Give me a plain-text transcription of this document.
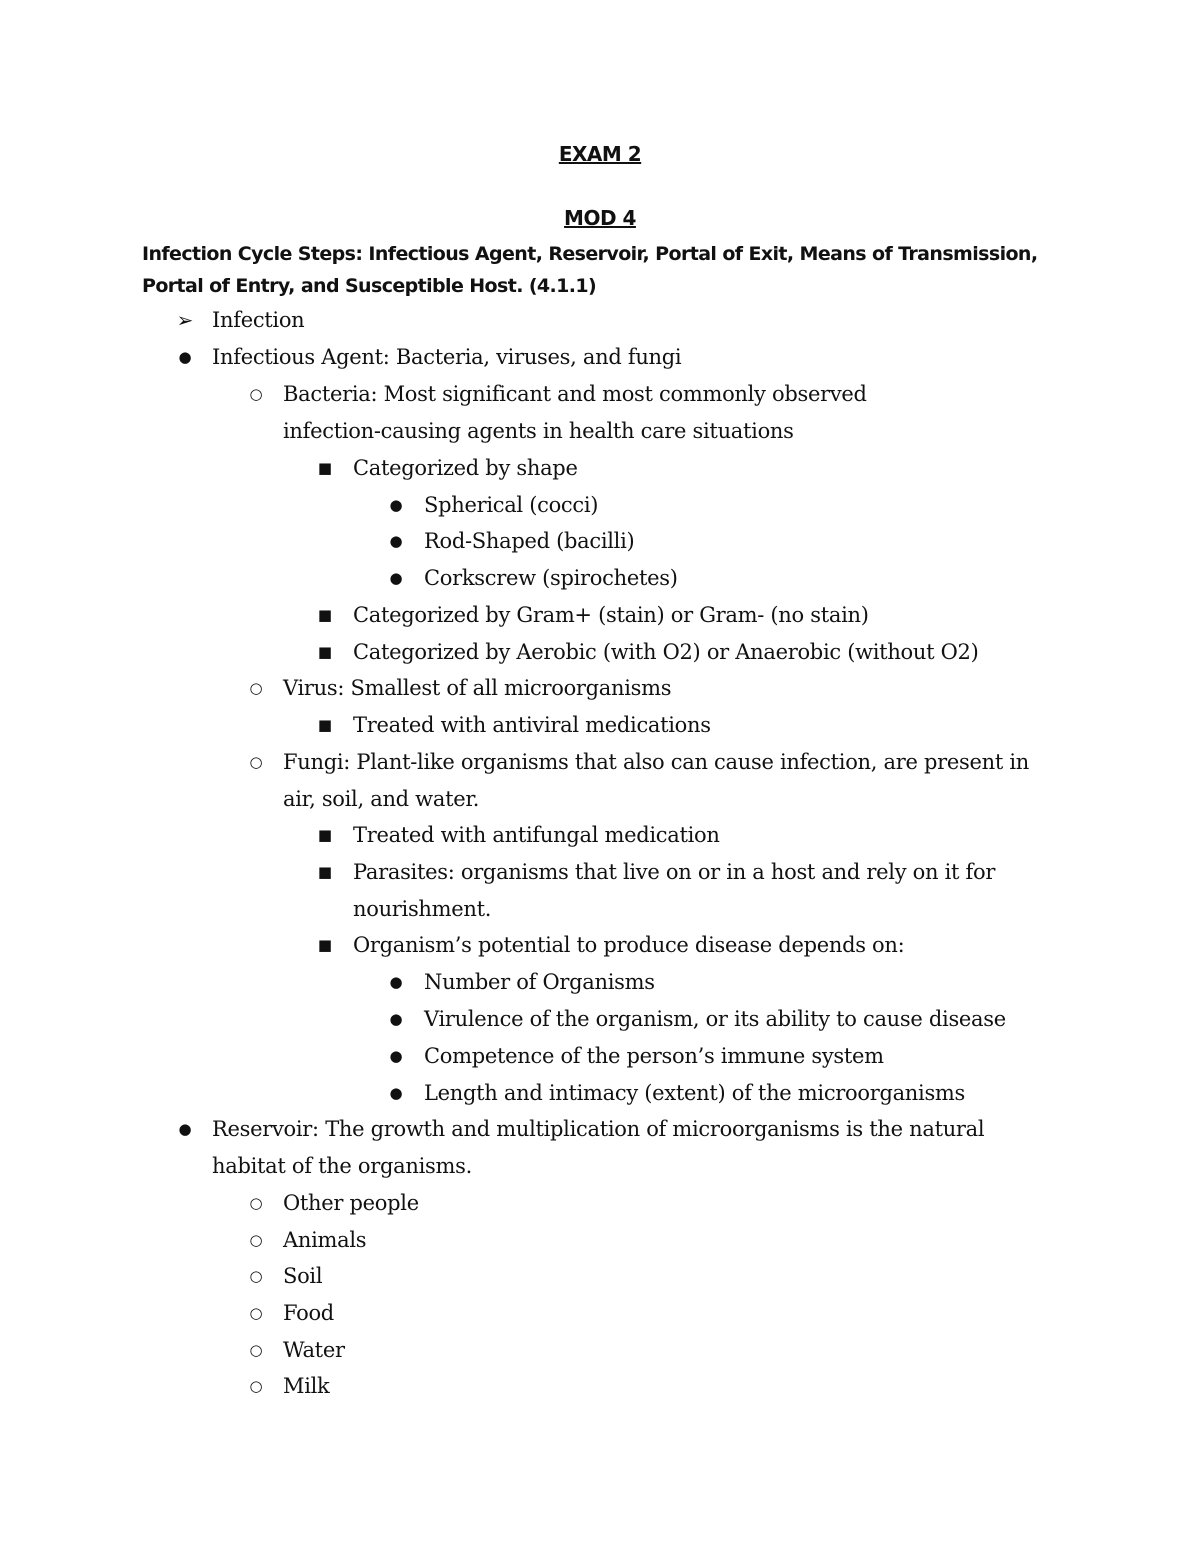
EXAM 2
MOD 4
Infection Cycle Steps: Infectious Agent, Reservoir, Portal of Exit, Means of Transmission, Portal of Entry, and Susceptible Host. (4.1.1)
➢ Infection
● Infectious Agent: Bacteria, viruses, and fungi
○ Bacteria: Most significant and most commonly observed
infection-causing agents in health care situations
■ Categorized by shape
● Spherical (cocci)
● Rod-Shaped (bacilli)
● Corkscrew (spirochetes)
■ Categorized by Gram+ (stain) or Gram- (no stain)
■ Categorized by Aerobic (with O2) or Anaerobic (without O2)
○ Virus: Smallest of all microorganisms
■ Treated with antiviral medications
○ Fungi: Plant-like organisms that also can cause infection, are present in
air, soil, and water.
■ Treated with antifungal medication
■ Parasites: organisms that live on or in a host and rely on it for
nourishment.
■ Organism’s potential to produce disease depends on:
● Number of Organisms
● Virulence of the organism, or its ability to cause disease
● Competence of the person’s immune system
● Length and intimacy (extent) of the microorganisms
● Reservoir: The growth and multiplication of microorganisms is the natural
habitat of the organisms.
○ Other people
○ Animals
○ Soil
○ Food
○ Water
○ Milk
